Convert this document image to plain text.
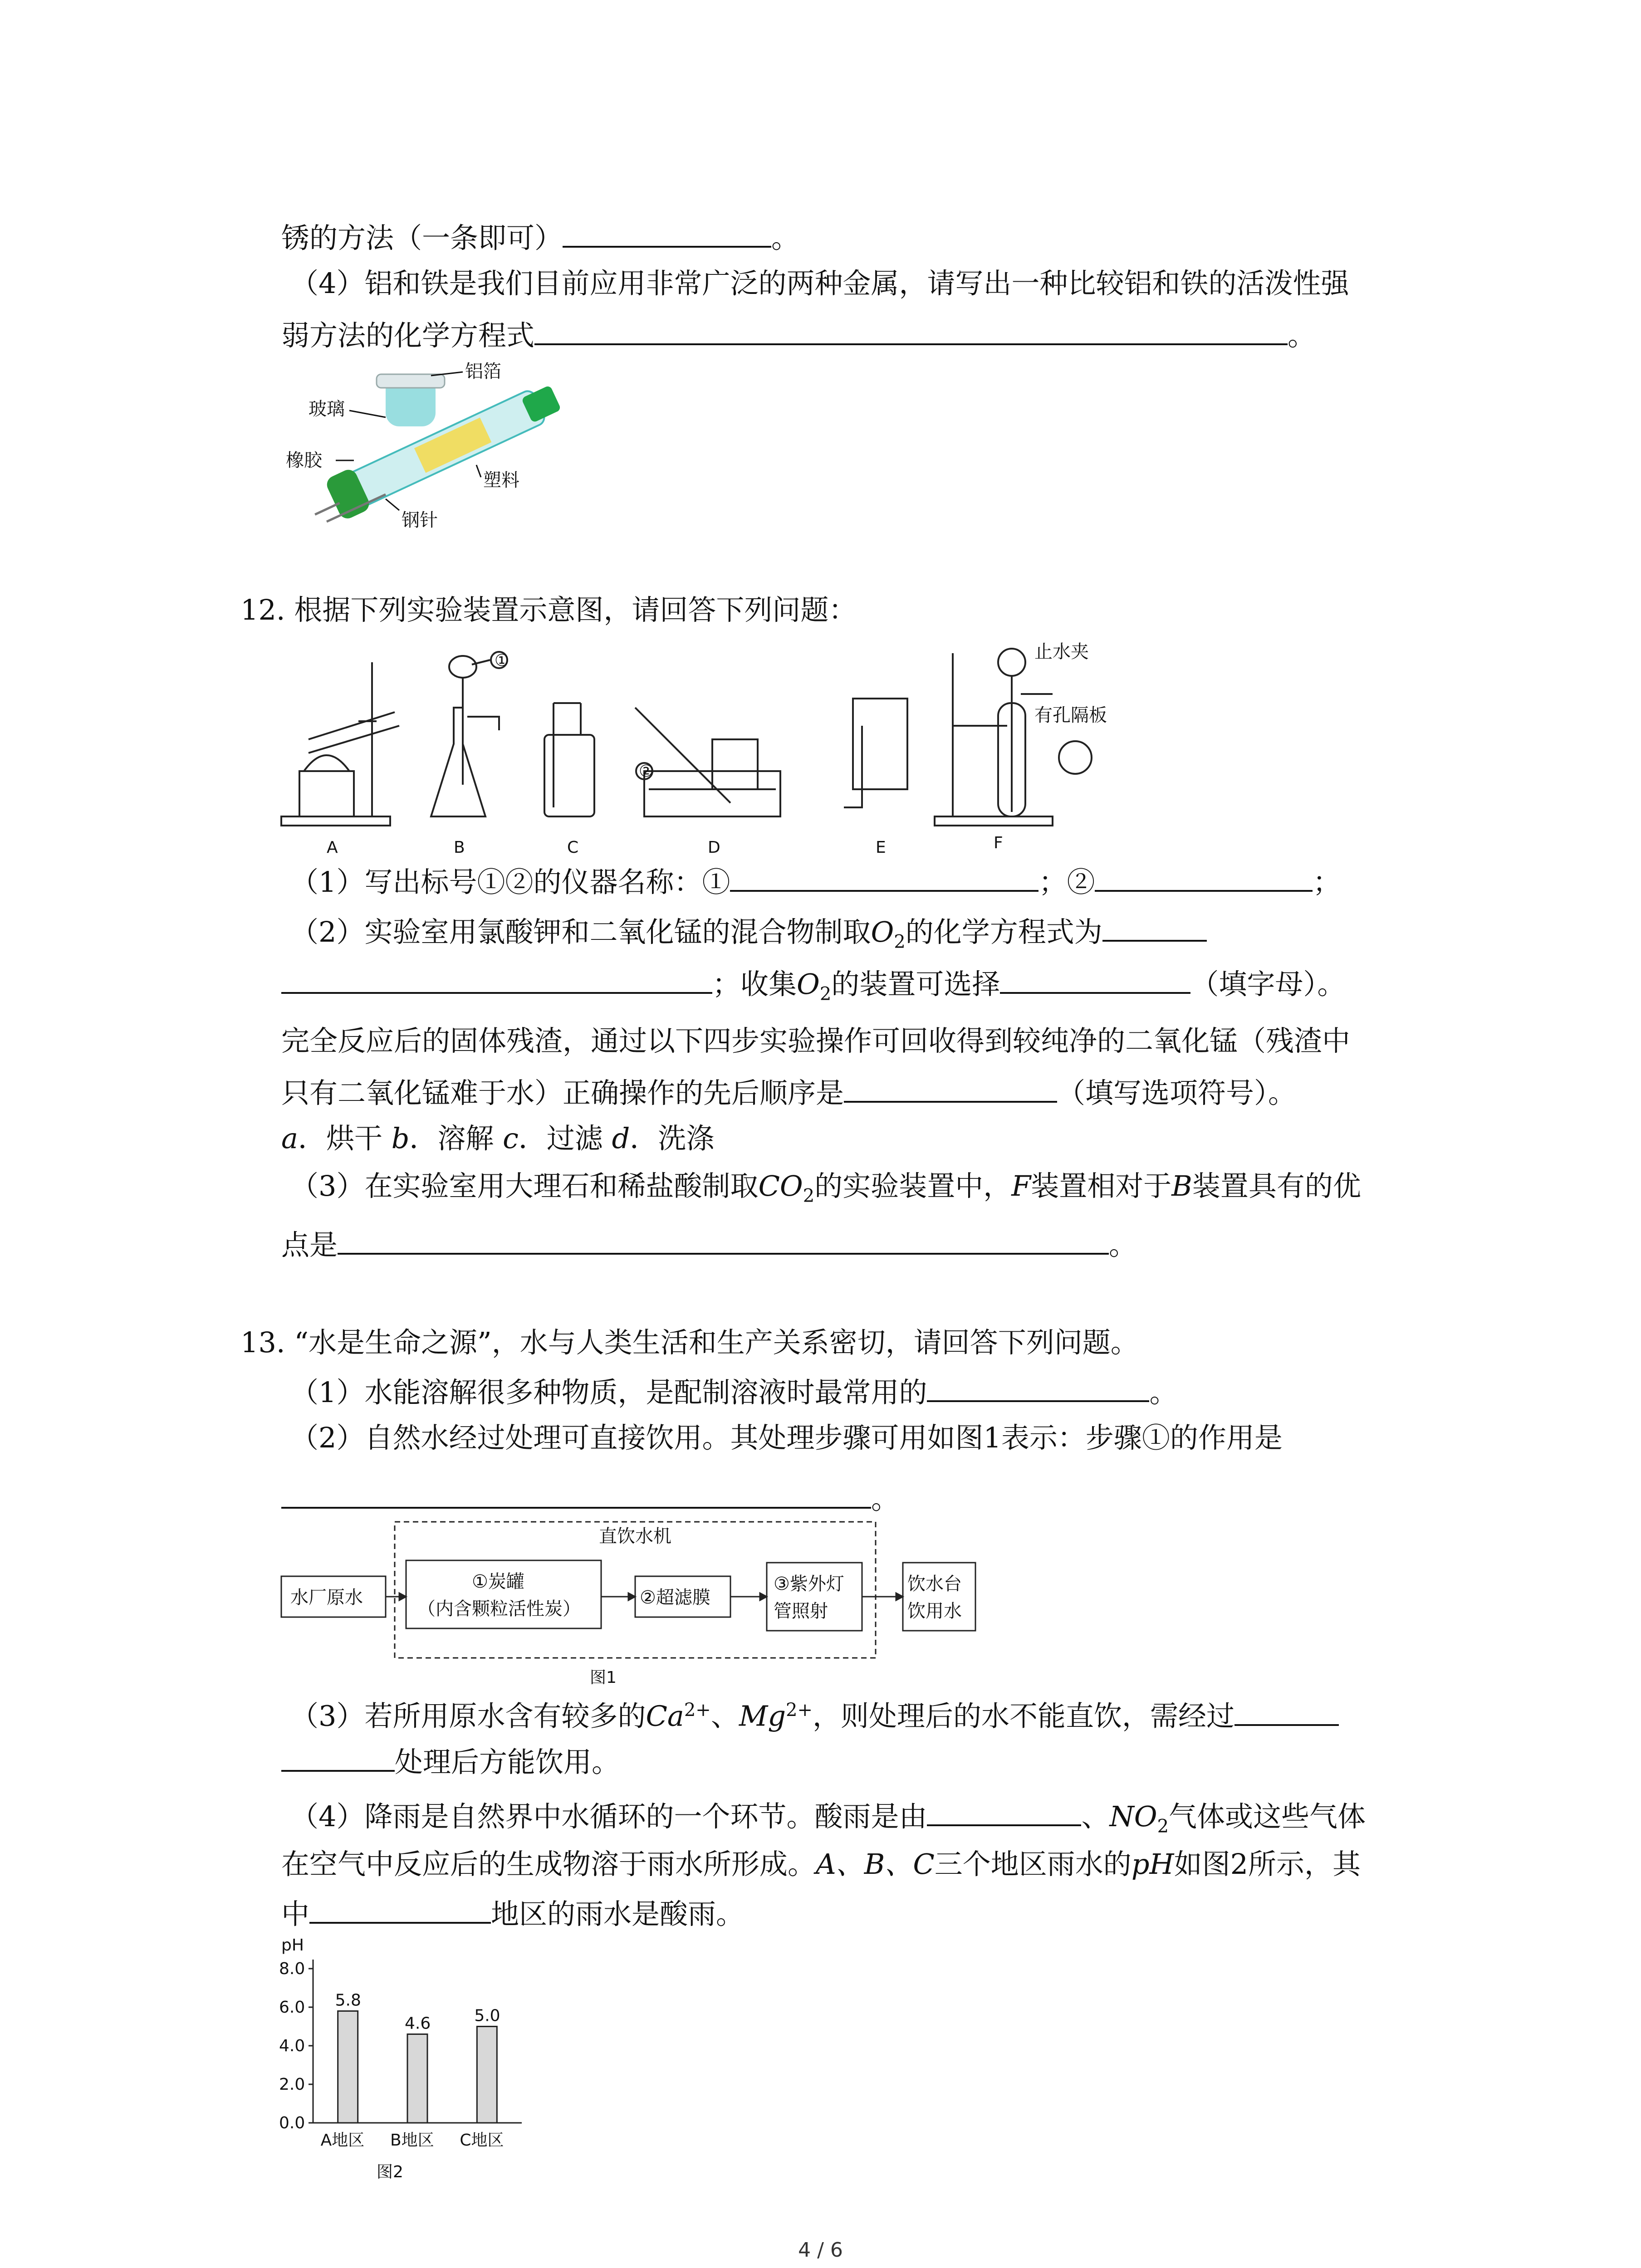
锈的方法（一条即可）	。
（4）铝和铁是我们目前应用非常广泛的两种金属，请写出一种比较铝和铁的活泼性强
弱方法的化学方程式	。
铝箔
玻璃
橡胶
塑料
钢针
12. 根据下列实验装置示意图，请回答下列问题：
A	B	C	D	E	F
①
②
止水夹
有孔隔板
（1）写出标号①②的仪器名称：①	；②	；
（2）实验室用氯酸钾和二氧化锰的混合物制取$O_2$的化学方程式为
；收集$O_2$的装置可选择	（填字母）。
完全反应后的固体残渣，通过以下四步实验操作可回收得到较纯净的二氧化锰（残渣中
只有二氧化锰难于水）正确操作的先后顺序是	（填写选项符号）。
a．烘干 b．溶解 c．过滤 d．洗涤
（3）在实验室用大理石和稀盐酸制取$CO_2$的实验装置中，F装置相对于B装置具有的优
点是	。
13. “水是生命之源”，水与人类生活和生产关系密切，请回答下列问题。
（1）水能溶解很多种物质，是配制溶液时最常用的	。
（2）自然水经过处理可直接饮用。其处理步骤可用如图1表示：步骤①的作用是
。
直饮水机
水厂原水
①炭罐
（内含颗粒活性炭）
②超滤膜
③紫外灯
管照射
饮水台
饮用水
图1
（3）若所用原水含有较多的$Ca^{2+}$、$Mg^{2+}$，则处理后的水不能直饮，需经过
处理后方能饮用。
（4）降雨是自然界中水循环的一个环节。酸雨是由	、$NO_2$气体或这些气体
在空气中反应后的生成物溶于雨水所形成。A、B、C三个地区雨水的pH如图2所示，其
中	地区的雨水是酸雨。
pH
0.0
2.0
4.0
6.0
8.0
5.8
A地区
4.6
B地区
5.0
C地区
图2
4 / 6
